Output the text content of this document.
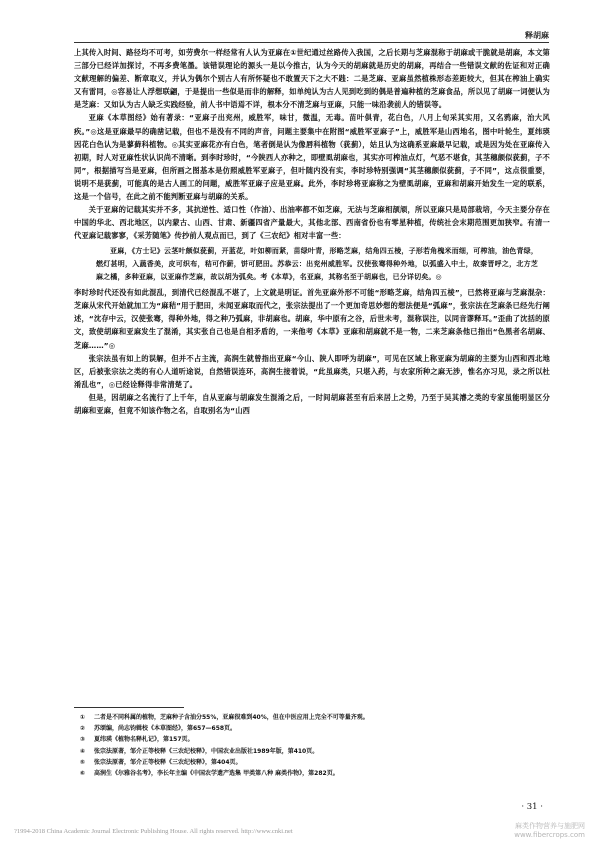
释胡麻

上其传入时间、路径均不可考，如劳费尔一样经常有人认为亚麻在①世纪通过丝路传入我国，之后长期与芝麻混称于胡麻或干脆就是胡麻，本文第三部分已经详加探讨，不再多费笔墨。该错误理论的源头一是以今推古，认为今天的胡麻就是历史的胡麻，再结合一些错误文献的佐证和对正确文献理解的偏差、断章取义，并认为偶尔个别古人有所怀疑也不敢置天下之大不韪：二是芝麻、亚麻虽然植株形态差距较大，但其在榨油上确实又有雷同，◎容易让人浮想联翩，于是提出一些似是而非的解释，如单纯认为古人见到吃到的偶是普遍种植的芝麻食品，所以见了胡麻一词便认为是芝麻：又如认为古人缺乏实践经验，前人书中语焉不详，根本分不清芝麻与亚麻，只能一味沿袭前人的错误等。

亚麻《本草图经》始有著录：“亚麻子出兖州，威胜军，味甘，微温，无毒。苗叶俱青，花白色，八月上旬采其实用，又名鸦麻，治大风疾。”◎这是亚麻最早的确凿记载，但也不是没有不同的声音，问题主要集中在附图“威胜军亚麻子”上，威胜军是山西地名，图中叶轮生，夏纬瑛因花白色认为是蓼藓科植物。◎其实亚麻花亦有白色，笔者倒是认为像唇科植物（莸蓟），姑且认为这确系亚麻最早记载，或是因为处在亚麻传入初期，时人对亚麻性状认识尚不清晰。到李时珍时，“今陕西人亦种之，即壁虱胡麻也，其实亦可榨油点灯，气恶不堪食，其茎穗颇似莸蓟，子不同”，根据描写当是亚麻，但所画之图基本是仿照威胜军亚麻子，但叶随内没有实，李时珍特别强调“其茎穗颇似莸蓟，子不同”，这点很重要，说明不是莸蓟，可能真的是古人画工的问题，威胜军亚麻子应是亚麻。此外，李时珍将亚麻称之为壁虱胡麻，亚麻和胡麻开始发生一定的联系，这是一个信号，在此之前不能判断亚麻与胡麻的关系。

关于亚麻的记载其实并不多，其抗逆性、适口性（作油）、出油率都不如芝麻，无法与芝麻相颉颃，所以亚麻只是局部栽培，今天主要分存在中国的华北、西北地区，以内蒙古、山西、甘肃、新疆四省产量最大，其他北部、西南省份也有零星种植，传统社会末期范围更加狭窄。有清一代亚麻记载寥寥，《采芳随笔》传抄前人观点而已，到了《三农纪》相对丰富一些：

亚麻，《方士记》云茎叶颇似莸蓟，开蓝花，叶如柳而紧，苗绿叶青，形略芝麻，结角四五棱，子形若角槐米而细，可榨油，油色青绿，燃灯甚明，入蔬香美，皮可织布，秸可作薪，饼可肥田。苏恭云：出兖州威胜军。汉使张骞得种外地，以弧盛入中土，故秦晋呼之，北方芝麻之橘，多种亚麻，以亚麻作芝麻，故以胡为弧矣。考《本草》，名亚麻，其称名至于胡麻也，已分详切矣。◎

李时珍时代还没有如此混乱，到清代已经混乱不堪了，上文就是明证。首先亚麻外形不可能“形略芝麻，结角四五棱”，已然将亚麻与芝麻混杂：芝麻从宋代开始就加工为“麻秸”用于肥田，未闻亚麻取而代之，张宗法提出了一个更加奇思妙想的想法便是“弧麻”，张宗法在芝麻条已经先行阐述，“沈存中云，汉使张骞，得种外地，得之种乃弧麻，非胡麻也。胡麻，华中原有之谷，后世未考，混称误注，以同音谬释耳。”歪曲了沈括的原文，致使胡麻和亚麻发生了混淆，其实张自己也是自相矛盾的，一来他考《本草》亚麻和胡麻就不是一物，二来芝麻条他已指出“色黑者名胡麻、芝麻……”◎

张宗法虽有如上的误解，但并不占主流，高润生就曾指出亚麻“今山、陕人即呼为胡麻”，可见在区域上称亚麻为胡麻的主要为山西和西北地区，后被张宗法之类的有心人道听途说，自然错误连环，高润生接着说，“此虽麻类，只堪入药，与农家所种之麻无涉，惟名亦习见，录之所以杜淆乱也”，◎已经诠释得非常清楚了。

但是，因胡麻之名流行了上千年，自从亚麻与胡麻发生混淆之后，一时间胡麻甚至有后来居上之势，乃至于吴其濬之类的专家虽能明显区分胡麻和亚麻，但竟不知该作物之名，自取别名为“山西

①	二者是不同科属的植物，芝麻种子含油分55%，亚麻很难到40%，但在中医应用上完全不可等量齐观。
②	苏颂编，尚志钧辑校《本草图经》，第657—658页。
③	夏纬瑛《植物名释札记》，第157页。
④	张宗法原著，邹介正等校释《三农纪校释》，中国农业出版社1989年版，第410页。
⑤	张宗法原著，邹介正等校释《三农纪校释》，第404页。
⑥	高润生《尔雅谷名考》，李长年主编《中国农学遗产选集 甲类第八种 麻类作物》，第282页。
· 31 ·
?1994-2018 China Academic Journal Electronic Publishing House. All rights reserved. http://www.cnki.net
麻类作物营养与施肥网
www.fibercrops.com
